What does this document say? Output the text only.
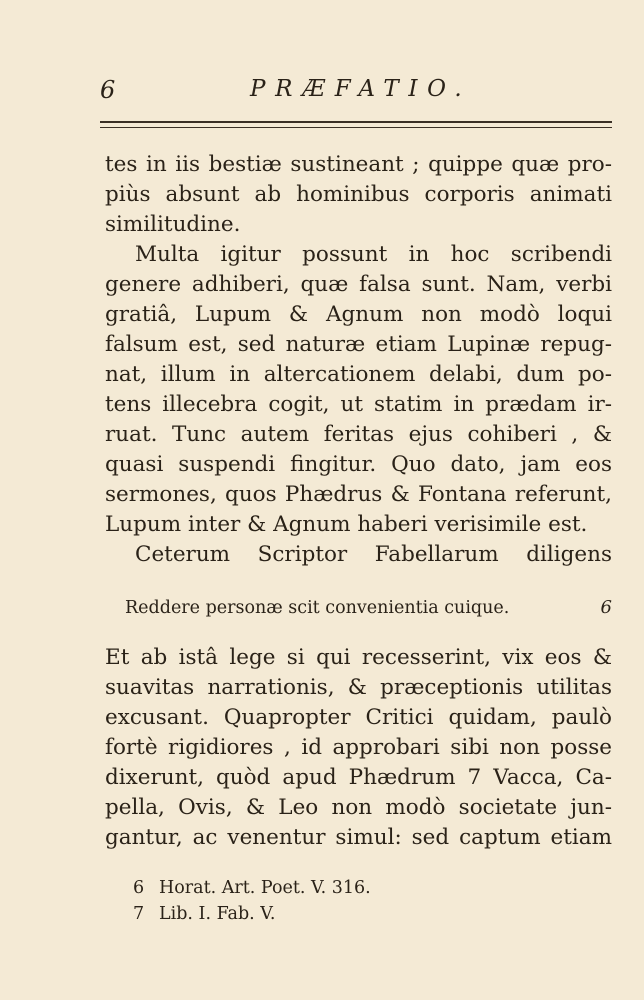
6	PRÆFATIO.
tes in iis bestiæ sustineant ; quippe quæ pro-
piùs absunt ab hominibus corporis animati
similitudine.
Multa igitur possunt in hoc scribendi
genere adhiberi, quæ falsa sunt. Nam, verbi
gratiâ, Lupum & Agnum non modò loqui
falsum est, sed naturæ etiam Lupinæ repug-
nat, illum in altercationem delabi, dum po-
tens illecebra cogit, ut statim in prædam ir-
ruat. Tunc autem feritas ejus cohiberi , &
quasi suspendi fingitur. Quo dato, jam eos
sermones, quos Phædrus & Fontana referunt,
Lupum inter & Agnum haberi verisimile est.
Ceterum Scriptor Fabellarum diligens
Reddere personæ scit convenientia cuique.	6
Et ab istâ lege si qui recesserint, vix eos &
suavitas narrationis, & præceptionis utilitas
excusant. Quapropter Critici quidam, paulò
fortè rigidiores , id approbari sibi non posse
dixerunt, quòd apud Phædrum 7 Vacca, Ca-
pella, Ovis, & Leo non modò societate jun-
gantur, ac venentur simul: sed captum etiam
6 Horat. Art. Poet. V. 316.
7 Lib. I. Fab. V.
